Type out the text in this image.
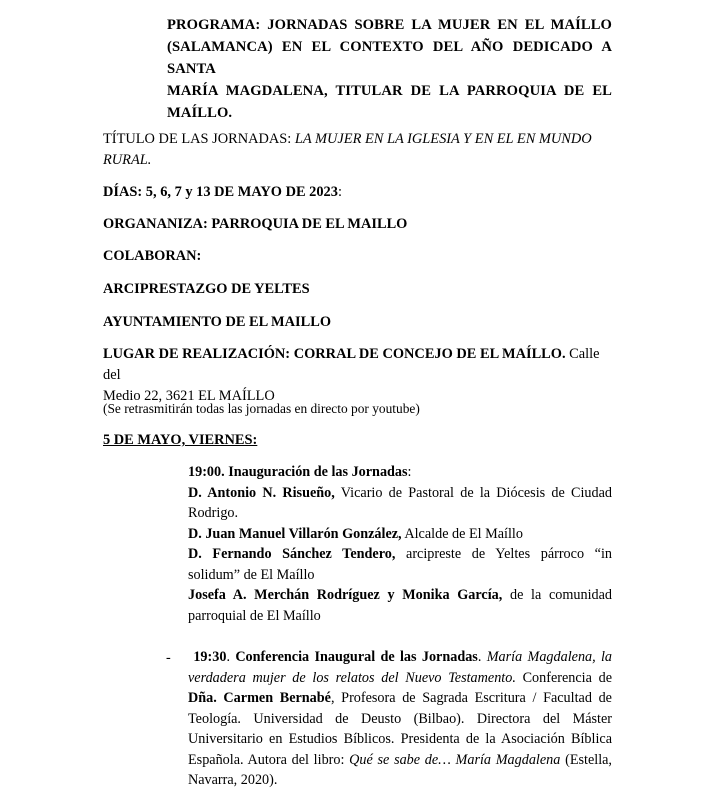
PROGRAMA: JORNADAS SOBRE LA MUJER EN EL MAÍLLO
(SALAMANCA) EN EL CONTEXTO DEL AÑO DEDICADO A SANTA
MARÍA MAGDALENA, TITULAR DE LA PARROQUIA DE EL
MAÍLLO.
TÍTULO DE LAS JORNADAS: LA MUJER EN LA IGLESIA Y EN EL EN MUNDO
RURAL.
DÍAS: 5, 6, 7 y 13 DE MAYO DE 2023:
ORGANANIZA: PARROQUIA DE EL MAILLO
COLABORAN:
ARCIPRESTAZGO DE YELTES
AYUNTAMIENTO DE EL MAILLO
LUGAR DE REALIZACIÓN: CORRAL DE CONCEJO DE EL MAÍLLO. Calle del
Medio 22, 3621 EL MAÍLLO
(Se retrasmitirán todas las jornadas en directo por youtube)
5 DE MAYO, VIERNES:

19:00. Inauguración de las Jornadas:

D. Antonio N. Risueño, Vicario de Pastoral de la Diócesis de Ciudad

Rodrigo.

D. Juan Manuel Villarón González, Alcalde de El Maíllo

D. Fernando Sánchez Tendero, arcipreste de Yeltes párroco “in

solidum” de El Maíllo

Josefa A. Merchán Rodríguez y Monika García, de la comunidad

parroquial de El Maíllo

-	19:30. Conferencia Inaugural de las Jornadas. María Magdalena, la verdadera mujer de los relatos del Nuevo Testamento. Conferencia de Dña. Carmen Bernabé, Profesora de Sagrada Escritura / Facultad de Teología. Universidad de Deusto (Bilbao). Directora del Máster Universitario en Estudios Bíblicos. Presidenta de la Asociación Bíblica Española. Autora del libro: Qué se sabe de… María Magdalena (Estella, Navarra, 2020).
